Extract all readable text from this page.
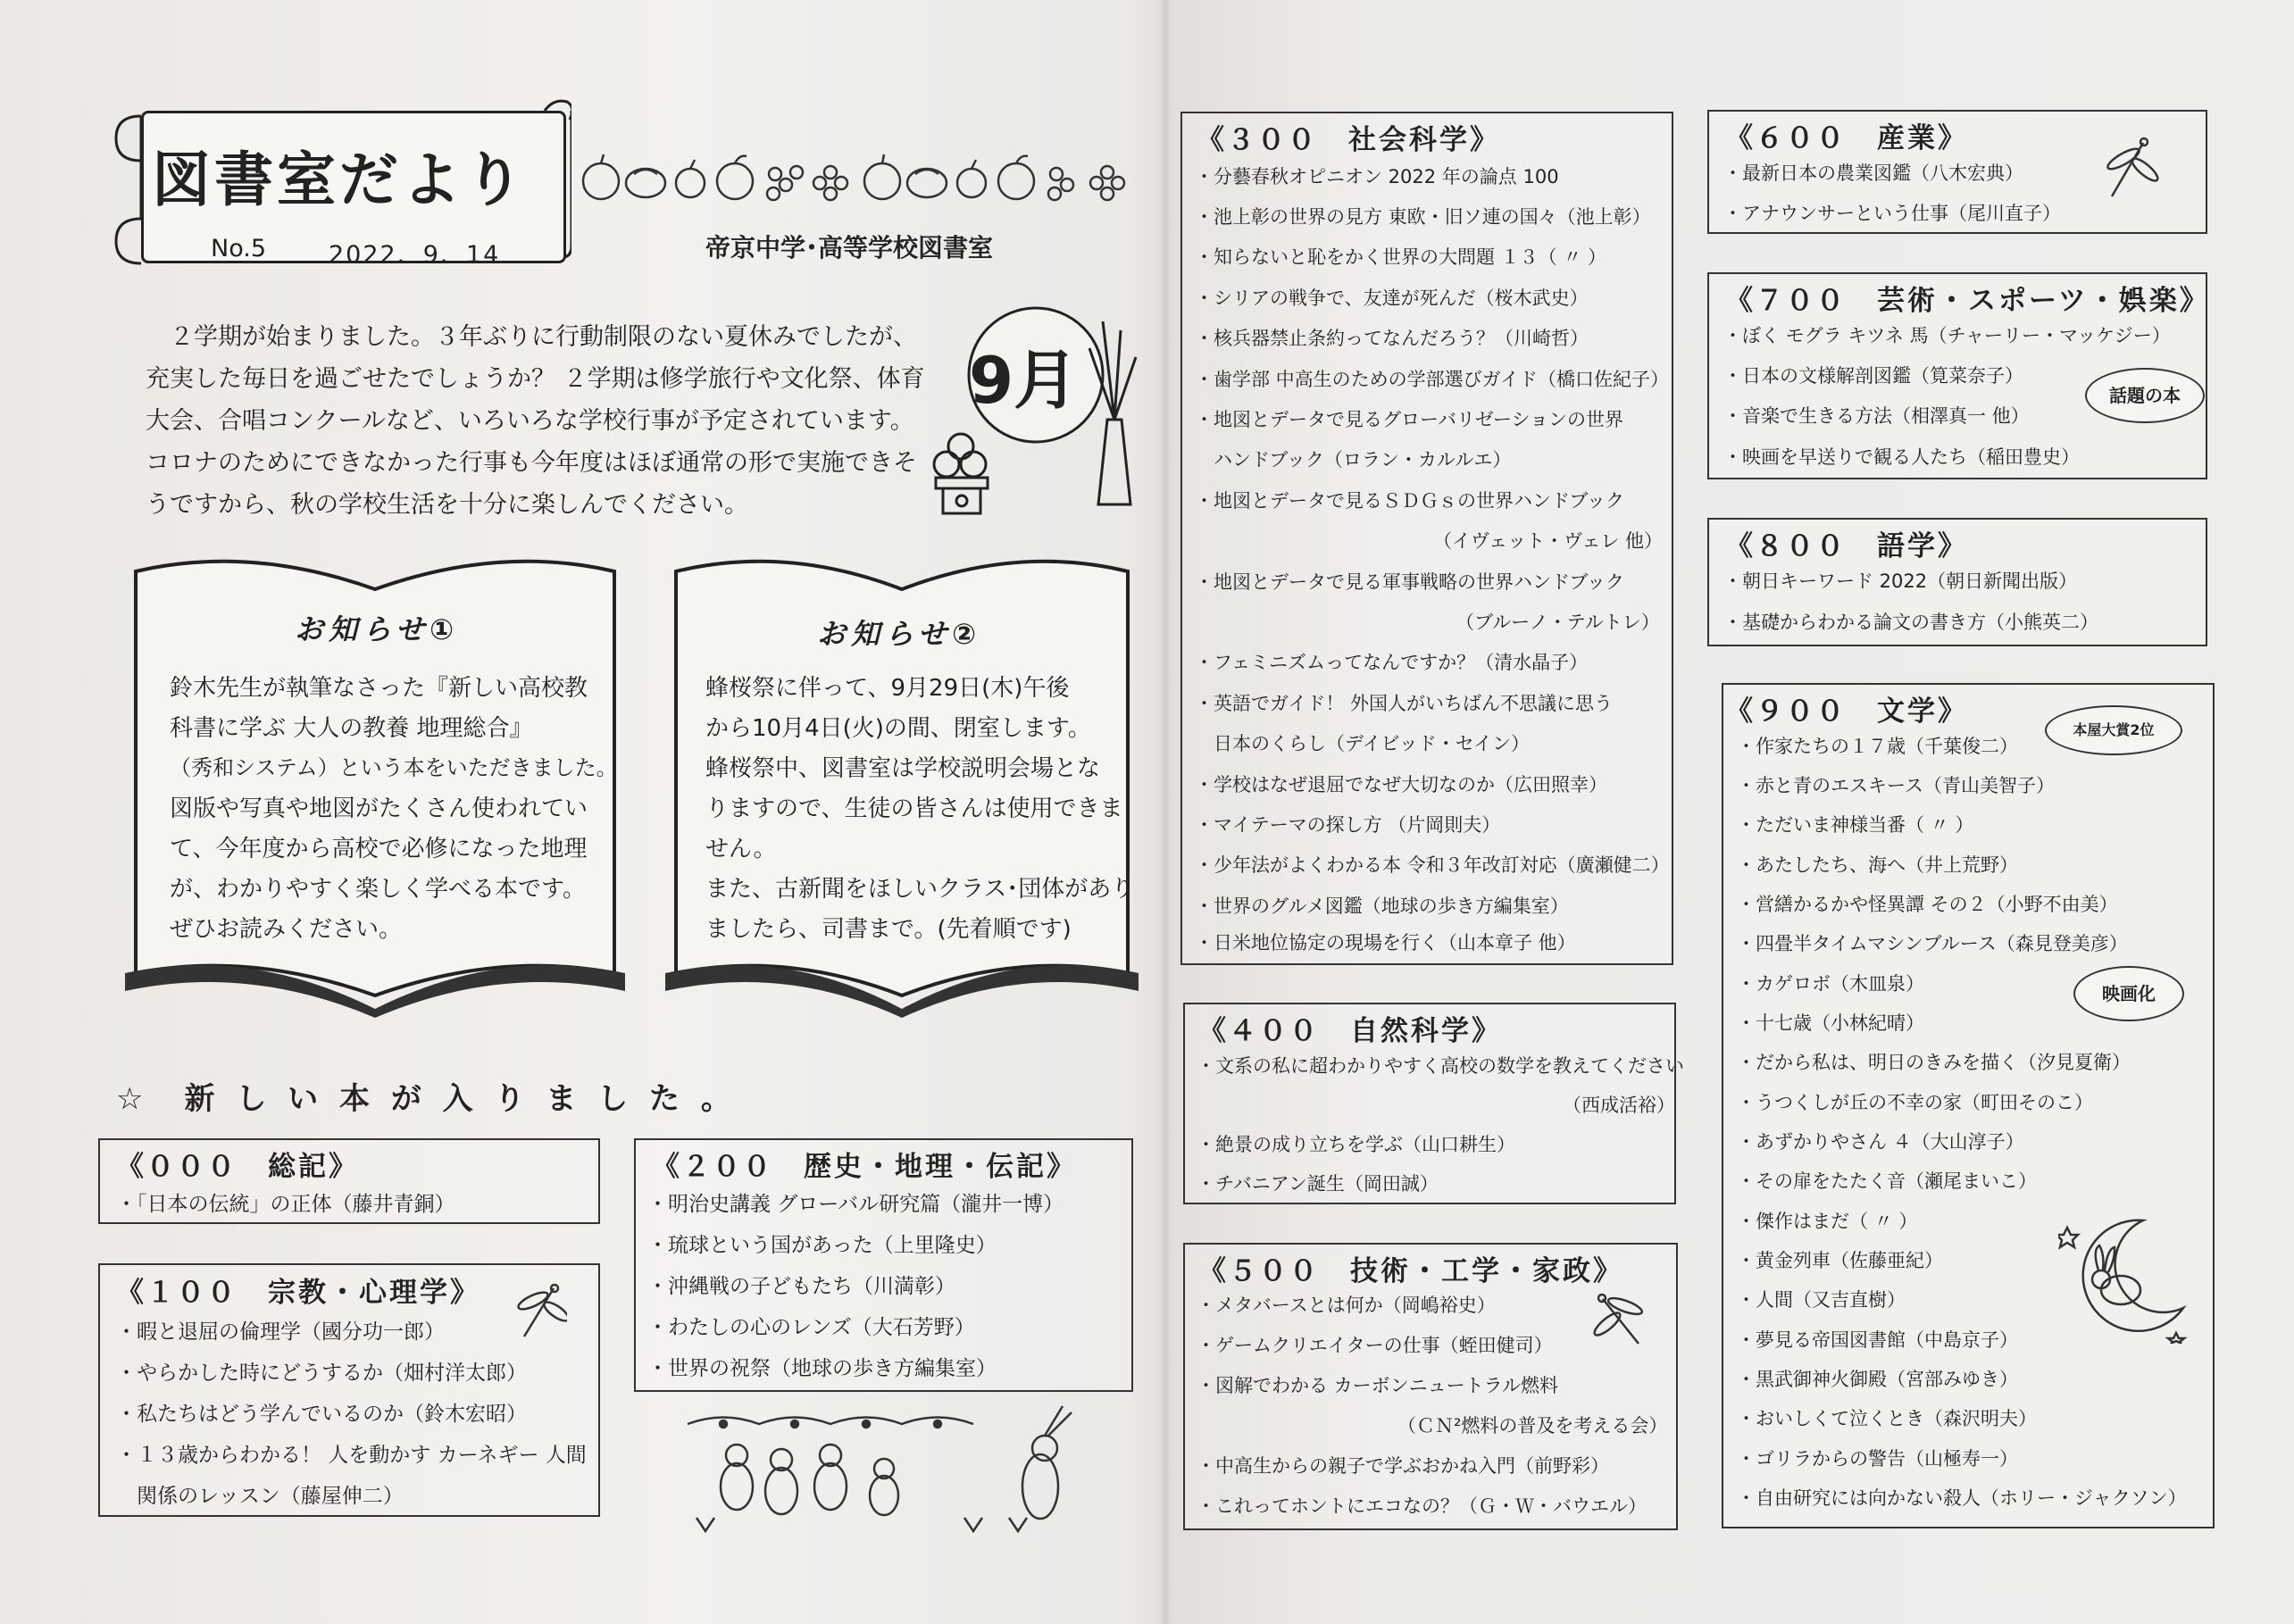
図書室だより
No.5	2022．9．14	帝京中学･高等学校図書室
２学期が始まりました。３年ぶりに行動制限のない夏休みでしたが、
充実した毎日を過ごせたでしょうか？ ２学期は修学旅行や文化祭、体育
大会、合唱コンクールなど、いろいろな学校行事が予定されています。
コロナのためにできなかった行事も今年度はほぼ通常の形で実施できそ
うですから、秋の学校生活を十分に楽しんでください。
9月
お知らせ①
鈴木先生が執筆なさった『新しい高校教
科書に学ぶ 大人の教養 地理総合』
（秀和システム）という本をいただきました。
図版や写真や地図がたくさん使われてい
て、今年度から高校で必修になった地理
が、わかりやすく楽しく学べる本です。
ぜひお読みください。
お知らせ②
蜂桜祭に伴って、9月29日(木)午後
から10月4日(火)の間、閉室します。
蜂桜祭中、図書室は学校説明会場とな
りますので、生徒の皆さんは使用できま
せん。
また、古新聞をほしいクラス･団体があり
ましたら、司書まで。(先着順です)
☆　新 し い 本 が 入 り ま し た 。
《０００　総記》
・「日本の伝統」の正体（藤井青銅）
《１００　宗教・心理学》
・暇と退屈の倫理学（國分功一郎）
・やらかした時にどうするか（畑村洋太郎）
・私たちはどう学んでいるのか（鈴木宏昭）
・１３歳からわかる！ 人を動かす カーネギー 人間
　関係のレッスン（藤屋伸二）
《２００　歴史・地理・伝記》
・明治史講義 グローバル研究篇（瀧井一博）
・琉球という国があった（上里隆史）
・沖縄戦の子どもたち（川満彰）
・わたしの心のレンズ（大石芳野）
・世界の祝祭（地球の歩き方編集室）
《３００　社会科学》
・分藝春秋オピニオン 2022 年の論点 100
・池上彰の世界の見方 東欧・旧ソ連の国々（池上彰）
・知らないと恥をかく世界の大問題 １３（ 〃 ）
・シリアの戦争で、友達が死んだ（桜木武史）
・核兵器禁止条約ってなんだろう？（川崎哲）
・歯学部 中高生のための学部選びガイド（橋口佐紀子）
・地図とデータで見るグローバリゼーションの世界
　ハンドブック（ロラン・カルルエ）
・地図とデータで見るＳＤＧｓの世界ハンドブック
（イヴェット・ヴェレ 他）
・地図とデータで見る軍事戦略の世界ハンドブック
（ブルーノ・テルトレ）
・フェミニズムってなんですか？（清水晶子）
・英語でガイド！ 外国人がいちばん不思議に思う
　日本のくらし（デイビッド・セイン）
・学校はなぜ退屈でなぜ大切なのか（広田照幸）
・マイテーマの探し方 （片岡則夫）
・少年法がよくわかる本 令和３年改訂対応（廣瀬健二）
・世界のグルメ図鑑（地球の歩き方編集室）
・日米地位協定の現場を行く（山本章子 他）
《４００　自然科学》
・文系の私に超わかりやすく高校の数学を教えてください
（西成活裕）
・絶景の成り立ちを学ぶ（山口耕生）
・チバニアン誕生（岡田誠）
《５００　技術・工学・家政》
・メタバースとは何か（岡嶋裕史）
・ゲームクリエイターの仕事（蛭田健司）
・図解でわかる カーボンニュートラル燃料
（ＣＮ²燃料の普及を考える会）
・中高生からの親子で学ぶおかね入門（前野彩）
・これってホントにエコなの？（Ｇ・Ｗ・バウエル）
《６００　産業》
・最新日本の農業図鑑（八木宏典）
・アナウンサーという仕事（尾川直子）
《７００　芸術・スポーツ・娯楽》
・ぼく モグラ キツネ 馬（チャーリー・マッケジー）
・日本の文様解剖図鑑（筧菜奈子）
・音楽で生きる方法（相澤真一 他）
・映画を早送りで観る人たち（稲田豊史）
話題の本
《８００　語学》
・朝日キーワード 2022（朝日新聞出版）
・基礎からわかる論文の書き方（小熊英二）
《９００　文学》
・作家たちの１７歳（千葉俊二）
・赤と青のエスキース（青山美智子）
・ただいま神様当番（ 〃 ）
・あたしたち、海へ（井上荒野）
・営繕かるかや怪異譚 その２（小野不由美）
・四畳半タイムマシンブルース（森見登美彦）
・カゲロボ（木皿泉）
・十七歳（小林紀晴）
・だから私は、明日のきみを描く（汐見夏衛）
・うつくしが丘の不幸の家（町田そのこ）
・あずかりやさん ４（大山淳子）
・その扉をたたく音（瀬尾まいこ）
・傑作はまだ（ 〃 ）
・黄金列車（佐藤亜紀）
・人間（又吉直樹）
・夢見る帝国図書館（中島京子）
・黒武御神火御殿（宮部みゆき）
・おいしくて泣くとき（森沢明夫）
・ゴリラからの警告（山極寿一）
・自由研究には向かない殺人（ホリー・ジャクソン）
本屋大賞2位
映画化
